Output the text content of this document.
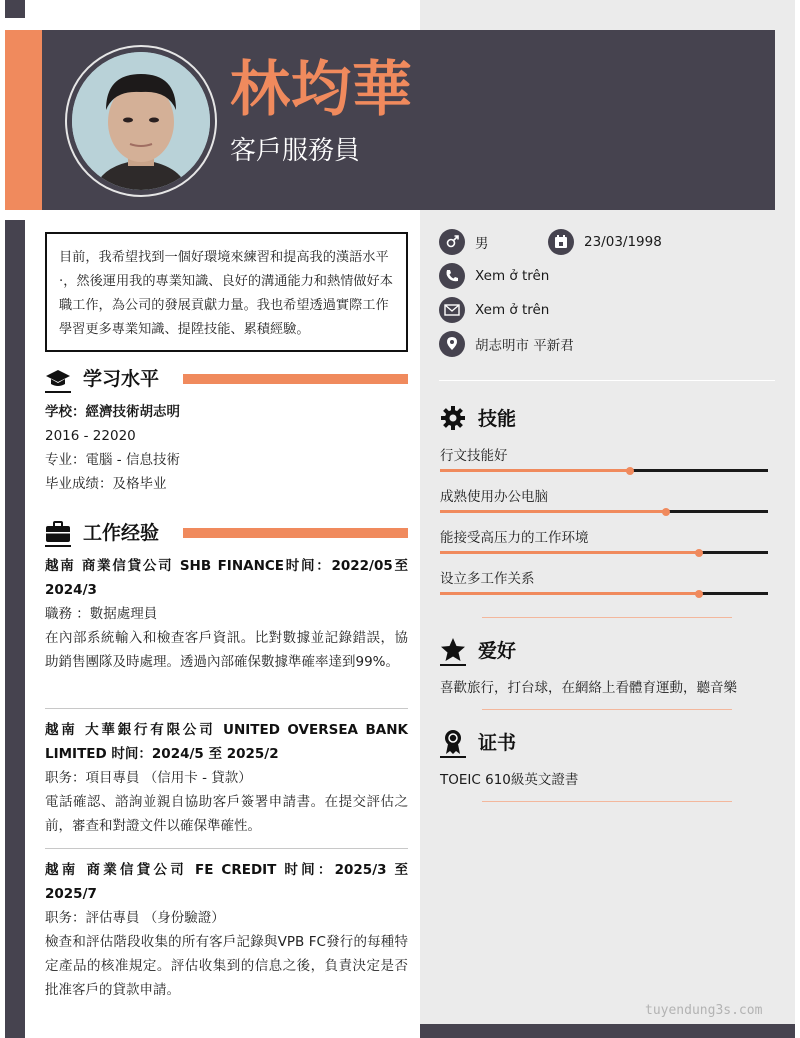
林均華
客戶服務員
目前，我希望找到一個好環境來練習和提高我的漢語水平·，然後運用我的專業知識、良好的溝通能力和熱情做好本職工作，為公司的發展貢獻力量。我也希望透過實際工作學習更多專業知識、提陞技能、累積經驗。
学习水平
学校：經濟技術胡志明
2016 - 22020
专业：電腦 - 信息技術
毕业成绩：及格毕业
工作经验
越南 商業信貸公司 SHB FINANCE时间：2022/05至2024/3
職務 ：數据處理員
在內部系統輸入和檢查客戶資訊。比對數據並記錄錯誤，協助銷售團隊及時處理。透過內部確保數據準確率達到99%。
越南 大華銀行有限公司 UNITED OVERSEA BANK LIMITED 时间：2024/5 至 2025/2
职务：項目專員 （信用卡 - 貸款）
電話確認、諮詢並親自協助客戶簽署申請書。在提交評估之前，審查和對證文件以確保準確性。
越南 商業信貸公司 FE CREDIT 时间：2025/3 至 2025/7
职务：評估專員 （身份驗證）
檢查和評估階段收集的所有客戶記錄與VPB FC發行的每種特定產品的核准規定。評估收集到的信息之後，負責決定是否批准客戶的貸款申請。
男	23/03/1998
Xem ở trên
Xem ở trên
胡志明市 平新君
技能
行文技能好
成熟使用办公电脑
能接受高压力的工作环境
设立多工作关系
爱好
喜歡旅行，打台球，在網絡上看體育運動，聽音樂
证书
TOEIC 610級英文證書
tuyendung3s.com
